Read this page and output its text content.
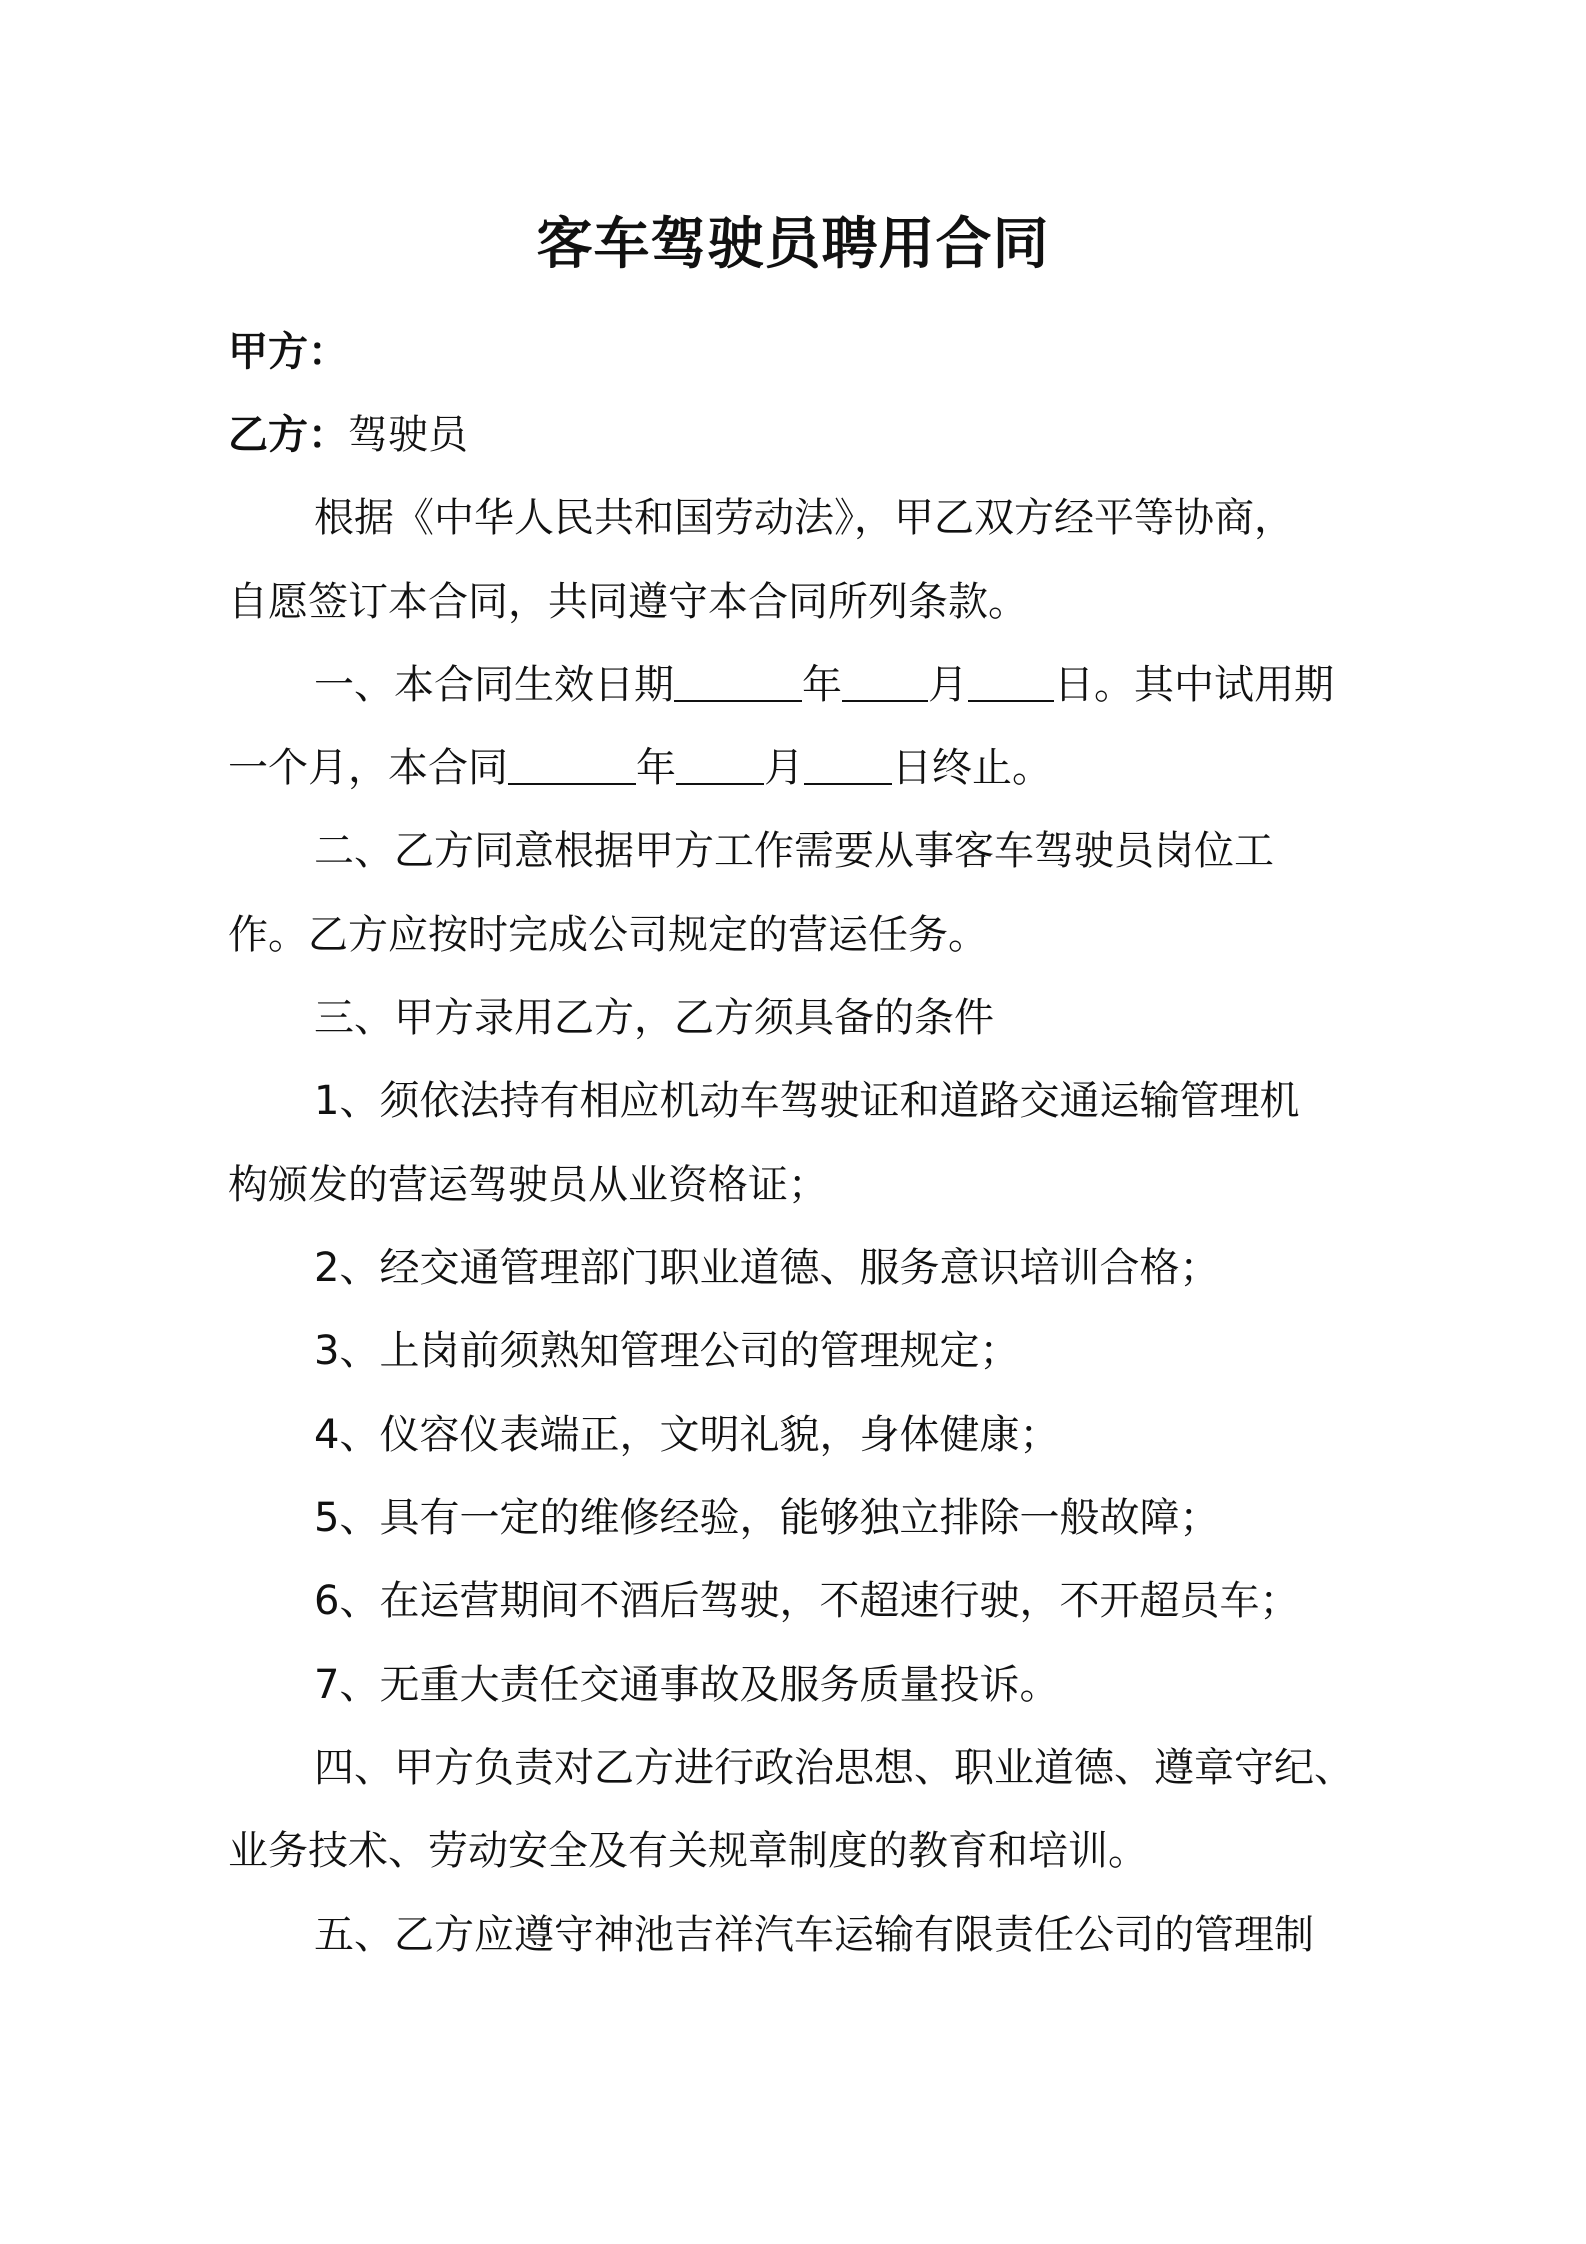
客车驾驶员聘用合同
甲方：
乙方：驾驶员
根据《中华人民共和国劳动法》，甲乙双方经平等协商，
自愿签订本合同，共同遵守本合同所列条款。
一、本合同生效日期	年 月 日。其中试用期
一个月，本合同	年 月 日终止。
二、乙方同意根据甲方工作需要从事客车驾驶员岗位工
作。乙方应按时完成公司规定的营运任务。
三、甲方录用乙方，乙方须具备的条件
1、须依法持有相应机动车驾驶证和道路交通运输管理机
构颁发的营运驾驶员从业资格证；
2、经交通管理部门职业道德、服务意识培训合格；
3、上岗前须熟知管理公司的管理规定；
4、仪容仪表端正，文明礼貌，身体健康；
5、具有一定的维修经验，能够独立排除一般故障；
6、在运营期间不酒后驾驶，不超速行驶，不开超员车；
7、无重大责任交通事故及服务质量投诉。
四、甲方负责对乙方进行政治思想、职业道德、遵章守纪、
业务技术、劳动安全及有关规章制度的教育和培训。
五、乙方应遵守神池吉祥汽车运输有限责任公司的管理制
